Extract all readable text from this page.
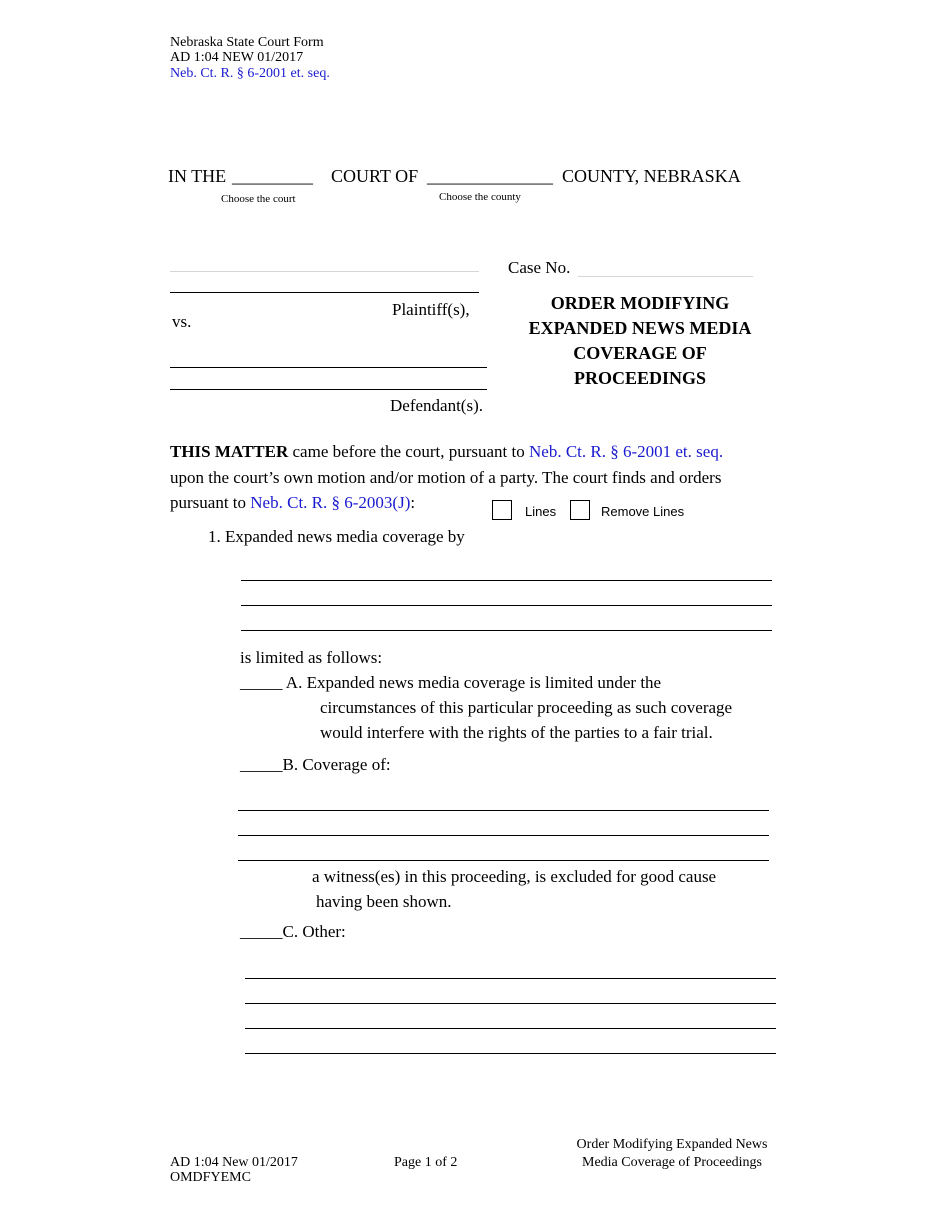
Nebraska State Court Form
AD 1:04 NEW 01/2017
Neb. Ct. R. § 6-2001 et. seq.
IN THE _________ COURT OF ______________ COUNTY, NEBRASKA
Choose the court	Choose the county
Plaintiff(s),
vs.
Defendant(s).
Case No.
ORDER MODIFYING
EXPANDED NEWS MEDIA
COVERAGE OF
PROCEEDINGS
THIS MATTER came before the court, pursuant to Neb. Ct. R. § 6-2001 et. seq.
upon the court’s own motion and/or motion of a party. The court finds and orders
pursuant to Neb. Ct. R. § 6-2003(J):	Lines	Remove Lines
1. Expanded news media coverage by
is limited as follows:
_____ A. Expanded news media coverage is limited under the
circumstances of this particular proceeding as such coverage
would interfere with the rights of the parties to a fair trial.
_____B. Coverage of:
a witness(es) in this proceeding, is excluded for good cause
having been shown.
_____C. Other:
AD 1:04 New 01/2017
OMDFYEMC
Page 1 of 2
Order Modifying Expanded News
Media Coverage of Proceedings
